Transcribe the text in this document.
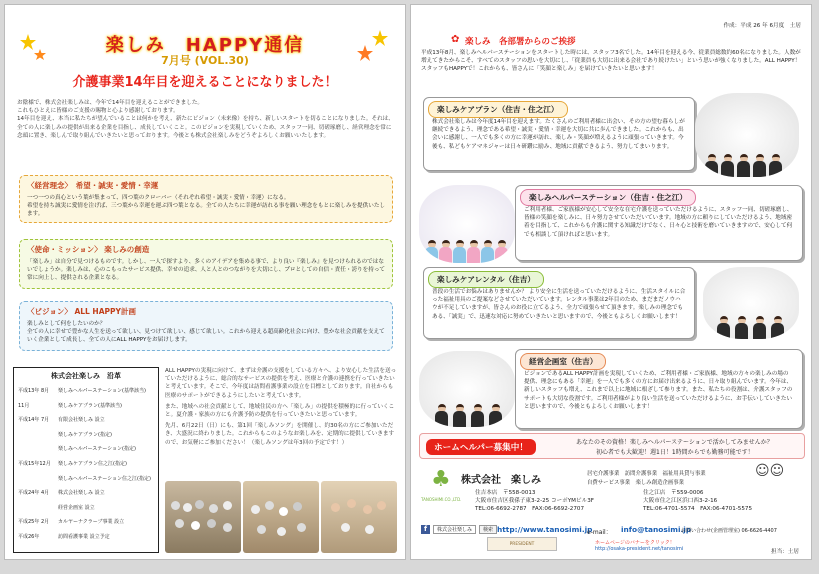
楽しみ　HAPPY通信
7月号 (VOL.30)
介護事業14年目を迎えることになりました！

お陰様で、株式会社楽しみは、今年で14年目を迎えることができました。

これもひとえに皆様のご支援の賜物と心より感謝しております。

14年目を迎え、本当に私たちが望んでいることは何かを考え、新たにビジョン（未来像）を持ち、新しいスタートを切ることになりました。それは、全ての人に楽しみの提供が出来る企業を目指し、成長していくこと。このビジョンを実現していくため、スタッフ一同、切磋琢磨し、経営理念を常に念頭に置き、楽しんで取り組んでいきたいと思っております。今後とも株式会社楽しみをどうぞよろしくお願いいたします。

〈経営理念〉　希望・誠実・愛情・幸運

一つ一つの真心という葉が集まって、四つ葉のクローバー（それぞれ希望・誠実・愛情・幸運）になる。

希望を持ち誠実に愛情を注げば、三つ葉から幸運を運ぶ四つ葉となる。全ての人たちに幸運が訪れる事を願い理念をもとに楽しみを提供いたします。

〈使命・ミッション〉 楽しみの創造

「楽しみ」は自分で見つけるものです。しかし、一人で探すより、多くのアイデアを集める事で、より良い『楽しみ』を見つけられるのではないでしょうか。楽しみは、心のこもったサービス提供、幸せの追求、人と人とのつながりを大切にし、プロとしての自信・責任・誇りを持って常に向上し、提供される企業となる。

〈ビジョン〉 ALL HAPPY計画

楽しみとして何をしたいのか？

全ての人に幸せで豊かな人生を送って欲しい、見つけて欲しい、感じて欲しい。これから迎える超高齢化社会に向け、豊かな社会貢献を支えていく企業として成長し、全ての人にALL HAPPYをお届けします。

株式会社楽しみ　沿革
平成13年 8月	楽しみヘルパーステーション(基準該当)
11月	楽しみケアプラン(基準該当)
平成14年 7月	有限会社楽しみ 設立
楽しみケアプラン(指定)
楽しみヘルパーステーション(指定)
平成15年12月	楽しみケアプラン住之江(指定)
楽しみヘルパーステーション住之江(指定)
平成24年 4月	株式会社楽しみ 設立
経営企画室 設立
平成25年 2月	カルヤーナクラーブ事業 設立
平成26年	訪問看護事業 設立予定

ALL HAPPYの実現に向けて、まずは介護の支援をしている方々へ、より安心した生活を送っていただけるように、総合的なサービスの提供を考え、医療と介護の連携を行っていきたいと考えています。そこで、今年度は訪問看護事業の設立を目標としております。自社からも医療のサポートができるようにしたいと考えています。

また、地域への社会貢献として、地域住民の方へ「楽しみ」の提供を積極的に行っていくこと。夏介護・家族の方にも介護予防の提供を行っていきたいと思っています。

先月、6月22日（日）にも、第1回「楽しみソング」を開催し、約30名の方にご参加いただき、大盛況に終わりました。これからもこのようなお楽しみを、定期的に提供していきますので、お気軽にご参加ください！（楽しみソングは年3回の予定です！）

作成：平成 26 年 6月度　土居
✿ 楽しみ　各部署からのご挨拶
平成13年8月、楽しみヘルパーステーションをスタートした時には、スタッフ3名でした。14年目を迎える今、従業員総数約60名になりました。人数が増えてきたからこそ、すべてのスタッフの思いを大切にし、「従業員も大切に出来る会社であり続けたい」という思いが強くなりました。ALL HAPPY！スタッフもHAPPYで！これからも、皆さんに「笑顔と楽しみ」を届けていきたいと思います！
楽しみケアプラン（住吉・住之江）

株式会社楽しみは今年度14年目を迎えます。たくさんのご利用者様に出会い、その方の望む暮らしが継続できるよう、理念である希望・誠実・愛情・幸運を大切に共に歩んできました。これからも、出会いに感謝し、一人でも多くの方に幸運が訪れ、楽しみ・笑顔が増えるように頑張っていきます。今後も、私どもケアマネジャーは日々研鑽に励み、地域に貢献できるよう、努力してまいります。

楽しみヘルパーステーション（住吉・住之江）

ご利用者様、ご家族様が安心して安全な在宅介護を送っていただけるように、スタッフ一同、切磋琢磨し、皆様の笑顔を楽しみに、日々努力させていただいています。地域の方に頼りにしていただけるよう、地域密着を目指して、これからも介護に関する知識だけでなく、日々心と技術を磨いていきますので、安心して何でも相談して頂ければと思います。

楽しみケアレンタル（住吉）

普段の生活でお悩みはありませんか？ より安全に生活を送っていただけるように、生活スタイルに合った福祉用具のご提案などさせていただいています。レンタル事業は2年目のため、まだまだノウハウが不足していますが、皆さんのお役に立てるよう、全力で頑張らせて頂きます。楽しみの理念でもある、「誠実」で、迅速な対応に努めていきたいと思いますので、今後ともよろしくお願いします！

経営企画室（住吉）

ビジョンであるALL HAPPY計画を実現していくため、ご利用者様・ご家族様、地域の方々の楽しみの場の提供、理念にもある「幸運」を一人でも多くの方にお届け出来るように、日々取り組んでいます。今年は、新しいスタッフも増え、これまで以上に地域に根ざして参ります。また、私たちの役割は、介護スタッフのサポートも大切な役割です。ご利用者様がより良い生活を送っていただけるように、お手伝いしていきたいと思いますので、今後ともよろしくお願いします！

ホームヘルパー募集中！
あなたのその資格！楽しみヘルパーステーションで活かしてみませんか？
初心者でも大歓迎！週1日！1時間からでも勤務可能です！
♣
TANOSHIMI.CO.,LTD.
株式会社　楽しみ
居宅介護事業　訪問介護事業　福祉用具貸与事業
自費サービス事業　楽しみ創造企画事業

住吉本店　〒558-0013

大阪市住吉区我孫子東3-2-25 コーポYMビル3F

TEL:06-6692-2787　FAX:06-6692-2707

住之江店　〒559-0006

大阪市住之江区浜口西3-2-16

TEL:06-4701-5574　FAX:06-4701-5575

☺☺
f	株式会社楽しみ	検索 http://www.tanosimi.jp
e-mail： info@tanosimi.jp
PRESIDENT
お問い合わせ(企画管理室) 06-6626-4407
ホームページのバナーをクリック！
http://osaka-president.net/tanosimi	担当：土居
